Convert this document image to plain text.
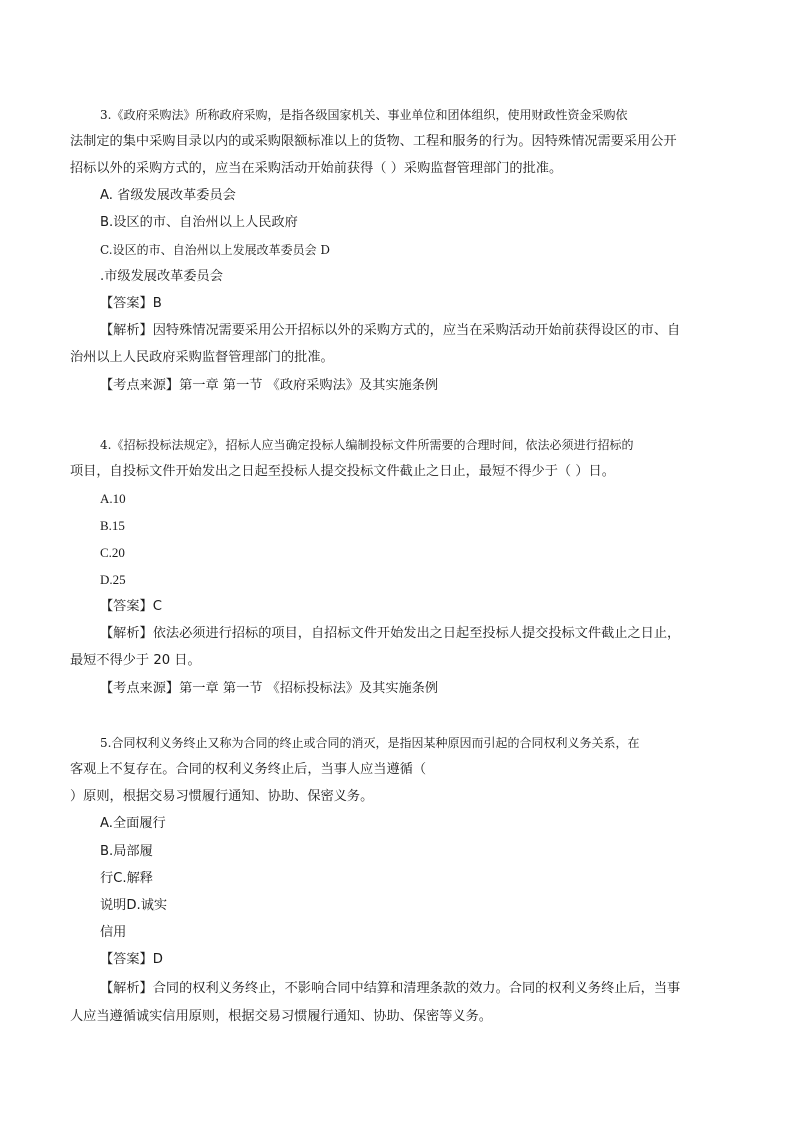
3.《政府采购法》所称政府采购，是指各级国家机关、事业单位和团体组织，使用财政性资金采购依
法制定的集中采购目录以内的或采购限额标准以上的货物、工程和服务的行为。因特殊情况需要采用公开
招标以外的采购方式的，应当在采购活动开始前获得（ ）采购监督管理部门的批准。
A. 省级发展改革委员会
B.设区的市、自治州以上人民政府
C.设区的市、自治州以上发展改革委员会 D
.市级发展改革委员会
【答案】B
【解析】因特殊情况需要采用公开招标以外的采购方式的，应当在采购活动开始前获得设区的市、自
治州以上人民政府采购监督管理部门的批准。
【考点来源】第一章 第一节 《政府采购法》及其实施条例
4.《招标投标法规定》，招标人应当确定投标人编制投标文件所需要的合理时间，依法必须进行招标的
项目，自投标文件开始发出之日起至投标人提交投标文件截止之日止，最短不得少于（ ）日。
A.10
B.15
C.20
D.25
【答案】C
【解析】依法必须进行招标的项目，自招标文件开始发出之日起至投标人提交投标文件截止之日止，
最短不得少于 20 日。
【考点来源】第一章 第一节 《招标投标法》及其实施条例
5.合同权利义务终止又称为合同的终止或合同的消灭，是指因某种原因而引起的合同权利义务关系，在
客观上不复存在。合同的权利义务终止后，当事人应当遵循（
）原则，根据交易习惯履行通知、协助、保密义务。
A.全面履行
B.局部履
行C.解释
说明D.诚实
信用
【答案】D
【解析】合同的权利义务终止，不影响合同中结算和清理条款的效力。合同的权利义务终止后，当事
人应当遵循诚实信用原则，根据交易习惯履行通知、协助、保密等义务。
